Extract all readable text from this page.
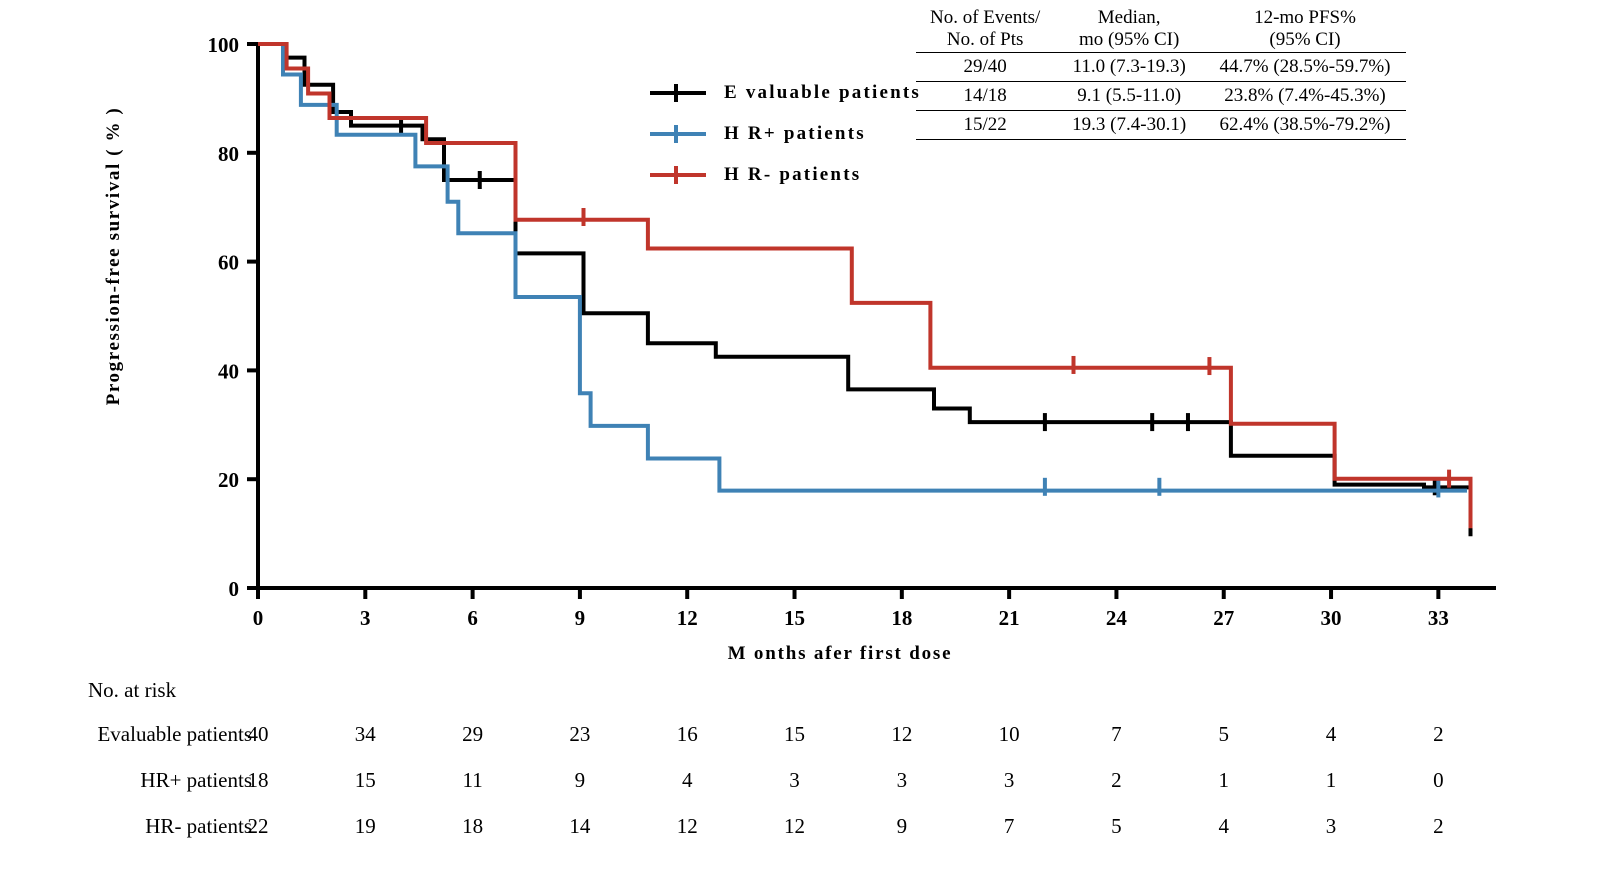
0
20
40
60
80
100
0	3	6	9	12	15	18	21	24	27	30	33
Progression-free survival ( % )
M onths afer first dose
E valuable patients
H R+ patients
H R- patients
No. of Events/
No. of Pts

Median,
mo (95% CI)

12-mo PFS%
(95% CI)

29/40	11.0 (7.3-19.3)	44.7% (28.5%-59.7%)
14/18	9.1 (5.5-11.0)	23.8% (7.4%-45.3%)
15/22	19.3 (7.4-30.1)	62.4% (38.5%-79.2%)
No. at risk
Evaluable patients
40	34	29	23	16	15	12	10	7	5	4	2
HR+ patients
18	15	11	9	4	3	3	3	2	1	1	0
HR- patients
22	19	18	14	12	12	9	7	5	4	3	2
